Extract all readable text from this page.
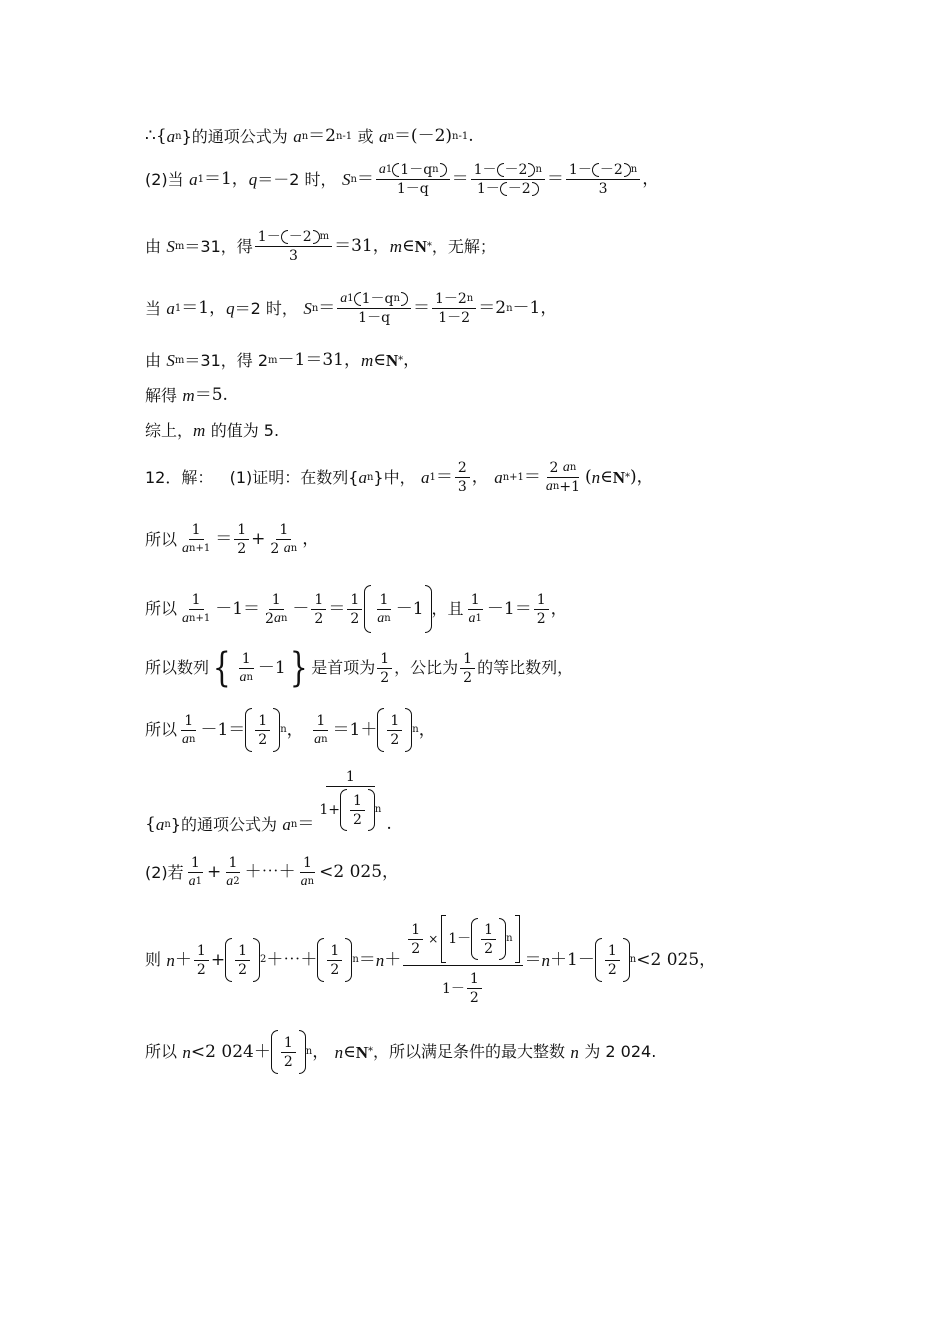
∴{ a n }的通项公式为
a n ＝2 n-1
或
a n ＝(－2) n-1 .
(2)当
a 1 ＝1， q ＝－2 时，
S $n = \frac{\text{a 1 1－q n}}{1-q} = \frac{1- -2 n}{1- -2} = \frac{1- -2 n}{3}$ ，
由
S m ＝31，得 $\frac{1- -2 m}{3} =31$， m ∈ N * ，无解；
当
a 1 ＝1， q ＝2 时，
S $n = \frac{\text{a 1 1－q n}}{1-q} = \frac{1-2 n}{1-2} =2$ n －1，
由
S m ＝31，得 2 m －1＝31， m ∈ N * ，
解得
m ＝5.
综上， m
的值为 5.
12．解：
(1)证明：在数列{ a n }中，
a $1 = \frac{2}{3}$ ，
a n+1 ＝ 2
a n
a n +1 ( n ∈ N * )，
所以 $\frac{1}{\text{a n+1}} = \frac{1}{2} + 1$
2
a n ，
所以 $\frac{1}{\text{a n+1}} -1= \frac{1}{\text{2 a n}} - \frac{1}{2} = \frac{1}{2} \frac{1}{\text{a n}} -1$ ，且 $\frac{1}{a 1} -1= \frac{1}{2}$ ，
所以数列 { $\frac{1}{\text{a n}} -1$ } 是首项为 $\frac{1}{2}$ ，公比为 $\frac{1}{2}$ 的等比数列，
所以 $\frac{1}{\text{a n}} -1= \frac{1}{2}$ n ，
$\frac{1}{\text{a n}} =1+ \frac{1}{2}$ n ，
{ a n }的通项公式为
a $n = \frac{1}{1+ \frac{1}{2} n}$ .
(2)若 $\frac{1}{a 1} + \frac{1}{a 2}$ ＋⋯＋ $\frac{1}{\text{a n}} <2$ 025，
则
$n + \frac{1}{2} + \frac{1}{2} 2$ ＋⋯＋ $\frac{1}{2}$ $n = n + \frac{\frac{1}{2} \times 1- \frac{1}{2} n}{1- \frac{1}{2}} = n +1- \frac{1}{2}$ n <2 025，
所以
n <2 $024+ \frac{1}{2}$ n ，
n ∈ N * ，所以满足条件的最大整数
n
为 2 024.
